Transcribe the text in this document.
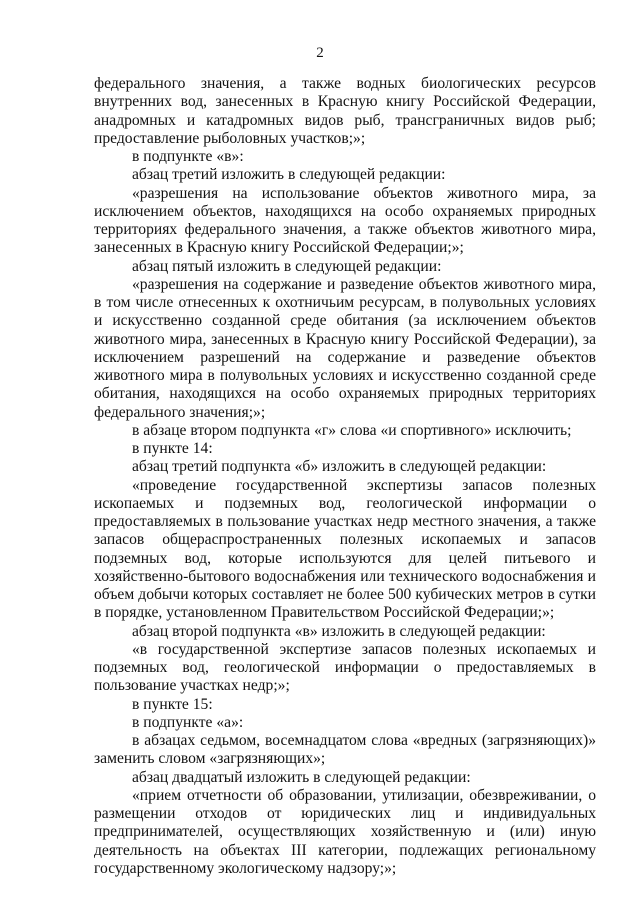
2

федерального значения, а также водных биологических ресурсов внутренних вод, занесенных в Красную книгу Российской Федерации, анадромных и катадромных видов рыб, трансграничных видов рыб; предоставление рыболовных участков;»;

в подпункте «в»:

абзац третий изложить в следующей редакции:

«разрешения на использование объектов животного мира, за исключением объектов, находящихся на особо охраняемых природных территориях федерального значения, а также объектов животного мира, занесенных в Красную книгу Российской Федерации;»;

абзац пятый изложить в следующей редакции:

«разрешения на содержание и разведение объектов животного мира, в том числе отнесенных к охотничьим ресурсам, в полувольных условиях и искусственно созданной среде обитания (за исключением объектов животного мира, занесенных в Красную книгу Российской Федерации), за исключением разрешений на содержание и разведение объектов животного мира в полувольных условиях и искусственно созданной среде обитания, находящихся на особо охраняемых природных территориях федерального значения;»;

в абзаце втором подпункта «г» слова «и спортивного» исключить;

в пункте 14:

абзац третий подпункта «б» изложить в следующей редакции:

«проведение государственной экспертизы запасов полезных ископаемых и подземных вод, геологической информации о предоставляемых в пользование участках недр местного значения, а также запасов общераспространенных полезных ископаемых и запасов подземных вод, которые используются для целей питьевого и хозяйственно-бытового водоснабжения или технического водоснабжения и объем добычи которых составляет не более 500 кубических метров в сутки в порядке, установленном Правительством Российской Федерации;»;

абзац второй подпункта «в» изложить в следующей редакции:

«в государственной экспертизе запасов полезных ископаемых и подземных вод, геологической информации о предоставляемых в пользование участках недр;»;

в пункте 15:

в подпункте «а»:

в абзацах седьмом, восемнадцатом слова «вредных (загрязняющих)» заменить словом «загрязняющих»;

абзац двадцатый изложить в следующей редакции:

«прием отчетности об образовании, утилизации, обезвреживании, о размещении отходов от юридических лиц и индивидуальных предпринимателей, осуществляющих хозяйственную и (или) иную деятельность на объектах III категории, подлежащих региональному государственному экологическому надзору;»;
